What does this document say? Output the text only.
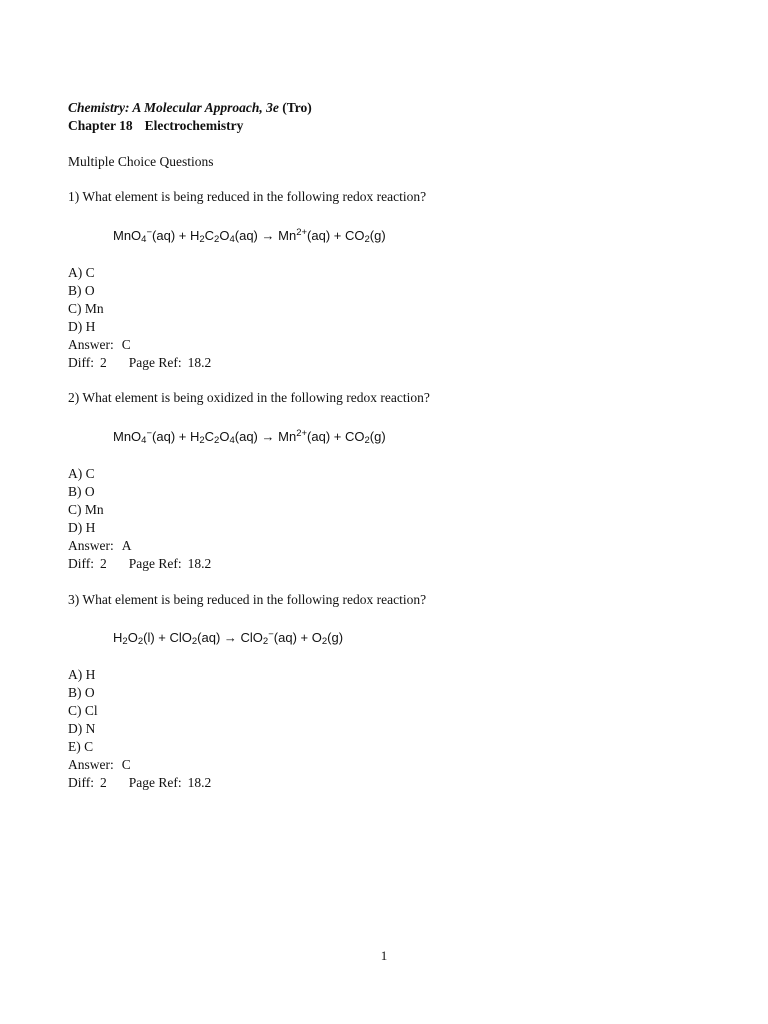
Chemistry: A Molecular Approach, 3e (Tro)
Chapter 18 Electrochemistry
Multiple Choice Questions
1) What element is being reduced in the following redox reaction?
$MnO_4^-(aq) + H_2C_2O_4(aq) \to Mn^{2+}(aq) + CO_2(g)$
A) C
B) O
C) Mn
D) H
Answer: C
Diff: 2 Page Ref: 18.2
2) What element is being oxidized in the following redox reaction?
$MnO_4^-(aq) + H_2C_2O_4(aq) \to Mn^{2+}(aq) + CO_2(g)$
A) C
B) O
C) Mn
D) H
Answer: A
Diff: 2 Page Ref: 18.2
3) What element is being reduced in the following redox reaction?
$H_2O_2(l) + ClO_2(aq) \to ClO_2^-(aq) + O_2(g)$
A) H
B) O
C) Cl
D) N
E) C
Answer: C
Diff: 2 Page Ref: 18.2
1
